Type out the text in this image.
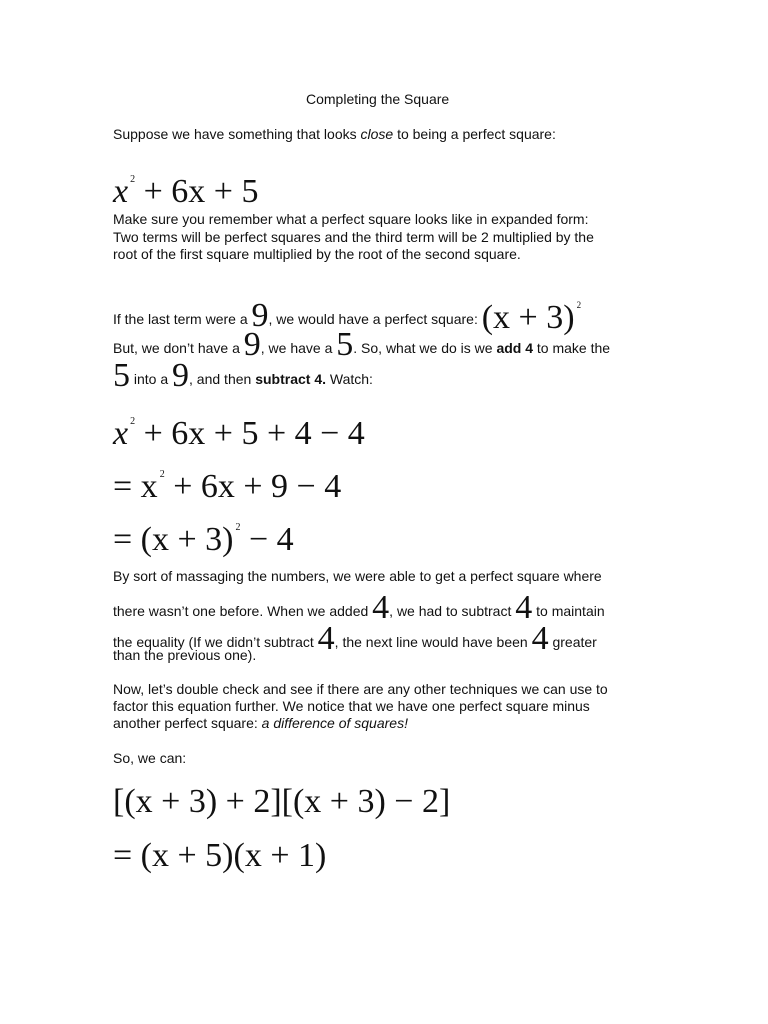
Completing the Square
Suppose we have something that looks close to being a perfect square:
x $^2$ + 6x + 5
Make sure you remember what a perfect square looks like in expanded form:
Two terms will be perfect squares and the third term will be 2 multiplied by the
root of the first square multiplied by the root of the second square.
If the last term were a 9, we would have a perfect square: (x + 3) $^2$
But, we don’t have a 9, we have a 5. So, what we do is we add 4 to make the
5 into a 9, and then subtract 4. Watch:
x $^2$ + 6x + 5 + 4 − 4
= x $^2$ + 6x + 9 − 4
= (x + 3) $^2$ − 4
By sort of massaging the numbers, we were able to get a perfect square where
there wasn’t one before. When we added 4, we had to subtract 4 to maintain
the equality (If we didn’t subtract 4, the next line would have been 4 greater
than the previous one).
Now, let’s double check and see if there are any other techniques we can use to
factor this equation further. We notice that we have one perfect square minus
another perfect square: a difference of squares!
So, we can:
[(x + 3) + 2][(x + 3) − 2]
= (x + 5)(x + 1)
